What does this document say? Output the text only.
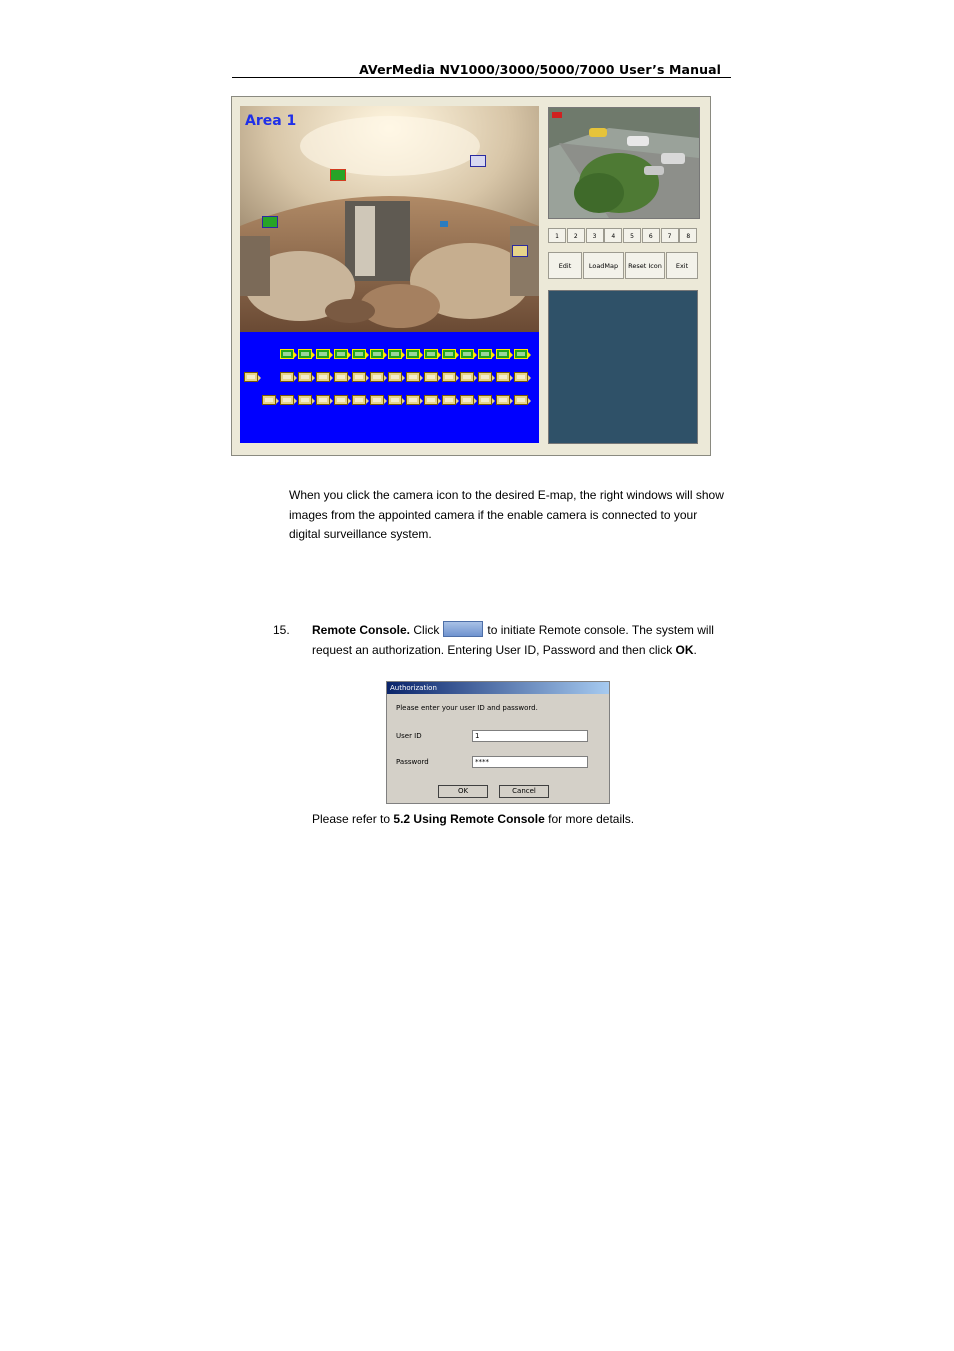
AVerMedia NV1000/3000/5000/7000 User’s Manual
Area 1
1	2	3	4	5	6	7	8
Edit	LoadMap	Reset Icon	Exit
When you click the camera icon to the desired E-map, the right windows will show images from the appointed camera if the enable camera is connected to your digital surveillance system.
15. Remote Console. Click	to initiate Remote console. The system will request an authorization. Entering User ID, Password and then click OK.
Authorization
Please enter your user ID and password.
User ID	1
Password	****
OK	Cancel
Please refer to 5.2 Using Remote Console for more details.
